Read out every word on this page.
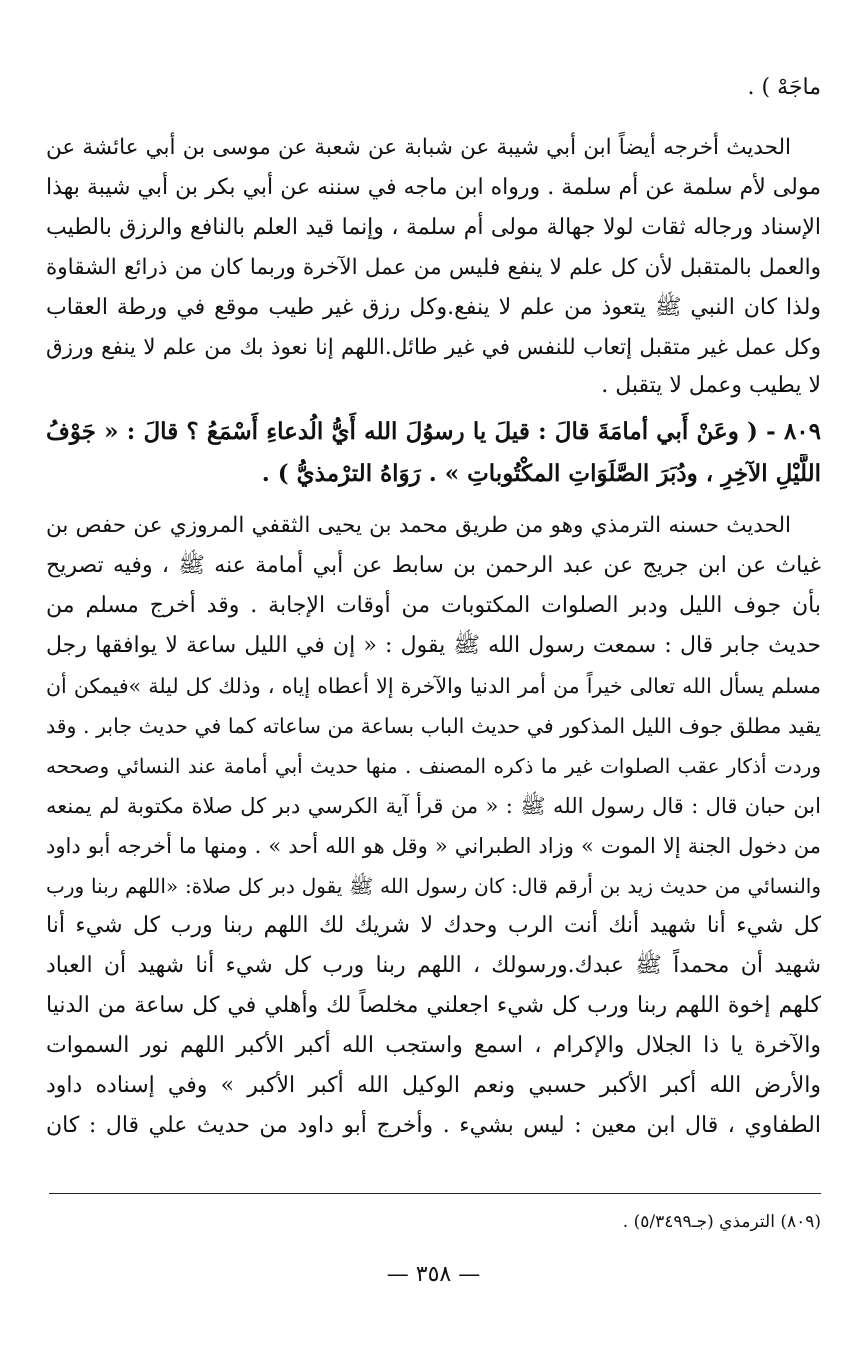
ماجَهْ ) .
الحديث أخرجه أيضاً ابن أبي شيبة عن شبابة عن شعبة عن موسى بن أبي عائشة عن
مولى لأم سلمة عن أم سلمة . ورواه ابن ماجه في سننه عن أبي بكر بن أبي شيبة بهذا
الإسناد ورجاله ثقات لولا جهالة مولى أم سلمة ، وإنما قيد العلم بالنافع والرزق بالطيب
والعمل بالمتقبل لأن كل علم لا ينفع فليس من عمل الآخرة وربما كان من ذرائع الشقاوة
ولذا كان النبي ﷺ يتعوذ من علم لا ينفع.وكل رزق غير طيب موقع في ورطة العقاب
وكل عمل غير متقبل إتعاب للنفس في غير طائل.اللهم إنا نعوذ بك من علم لا ينفع ورزق
لا يطيب وعمل لا يتقبل .
٨٠٩ - ( وعَنْ أَبي أمامَةَ قالَ : قيلَ يا رسوُلَ الله أَيُّ الُدعاءِ أَسْمَعُ ؟ قالَ : « جَوْفُ
اللَّيْلِ الآخِرِ ، ودُبَرَ الصَّلَوَاتِ المكْتُوباتِ » . رَوَاهُ الترْمذيُّ ) .
الحديث حسنه الترمذي وهو من طريق محمد بن يحيى الثقفي المروزي عن حفص بن
غياث عن ابن جريج عن عبد الرحمن بن سابط عن أبي أمامة عنه ﷺ ، وفيه تصريح
بأن جوف الليل ودبر الصلوات المكتوبات من أوقات الإجابة . وقد أخرج مسلم من
حديث جابر قال : سمعت رسول الله ﷺ يقول : « إن في الليل ساعة لا يوافقها رجل
مسلم يسأل الله تعالى خيراً من أمر الدنيا والآخرة إلا أعطاه إياه ، وذلك كل ليلة »فيمكن أن
يقيد مطلق جوف الليل المذكور في حديث الباب بساعة من ساعاته كما في حديث جابر . وقد
وردت أذكار عقب الصلوات غير ما ذكره المصنف . منها حديث أبي أمامة عند النسائي وصححه
ابن حبان قال : قال رسول الله ﷺ : « من قرأ آية الكرسي دبر كل صلاة مكتوبة لم يمنعه
من دخول الجنة إلا الموت » وزاد الطبراني « وقل هو الله أحد » . ومنها ما أخرجه أبو داود
والنسائي من حديث زيد بن أرقم قال: كان رسول الله ﷺ يقول دبر كل صلاة: «اللهم ربنا ورب
كل شيء أنا شهيد أنك أنت الرب وحدك لا شريك لك اللهم ربنا ورب كل شيء أنا
شهيد أن محمداً ﷺ عبدك.ورسولك ، اللهم ربنا ورب كل شيء أنا شهيد أن العباد
كلهم إخوة اللهم ربنا ورب كل شيء اجعلني مخلصاً لك وأهلي في كل ساعة من الدنيا
والآخرة يا ذا الجلال والإكرام ، اسمع واستجب الله أكبر الأكبر اللهم نور السموات
والأرض الله أكبر الأكبر حسبي ونعم الوكيل الله أكبر الأكبر » وفي إسناده داود
الطفاوي ، قال ابن معين : ليس بشيء . وأخرج أبو داود من حديث علي قال : كان
(٨٠٩) الترمذي (جـ٥/٣٤٩٩) .
— ٣٥٨ —
